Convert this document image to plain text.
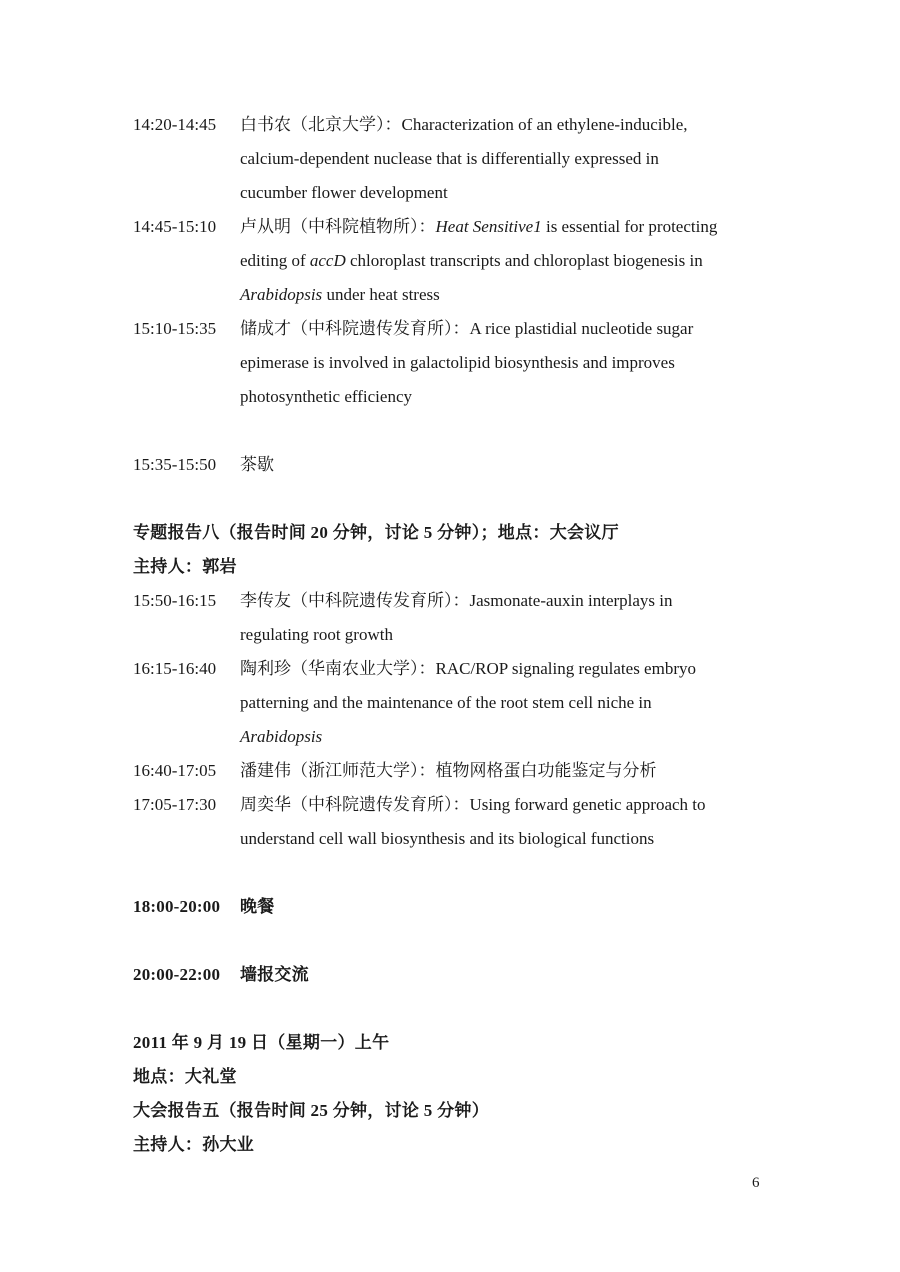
14:20-14:45	白书农（北京大学）：Characterization of an ethylene-inducible,
calcium-dependent nuclease that is differentially expressed in
cucumber flower development
14:45-15:10	卢从明（中科院植物所）：Heat Sensitive1 is essential for protecting
editing of accD chloroplast transcripts and chloroplast biogenesis in
Arabidopsis under heat stress
15:10-15:35	储成才（中科院遗传发育所）：A rice plastidial nucleotide sugar
epimerase is involved in galactolipid biosynthesis and improves
photosynthetic efficiency
15:35-15:50	茶歇
专题报告八（报告时间 20 分钟，讨论 5 分钟）；地点：大会议厅
主持人：郭岩
15:50-16:15	李传友（中科院遗传发育所）：Jasmonate-auxin interplays in
regulating root growth
16:15-16:40	陶利珍（华南农业大学）：RAC/ROP signaling regulates embryo
patterning and the maintenance of the root stem cell niche in
Arabidopsis
16:40-17:05	潘建伟（浙江师范大学）：植物网格蛋白功能鉴定与分析
17:05-17:30	周奕华（中科院遗传发育所）：Using forward genetic approach to
understand cell wall biosynthesis and its biological functions
18:00-20:00	晚餐
20:00-22:00	墙报交流
2011 年 9 月 19 日（星期一）上午
地点：大礼堂
大会报告五（报告时间 25 分钟，讨论 5 分钟）
主持人：孙大业
6
